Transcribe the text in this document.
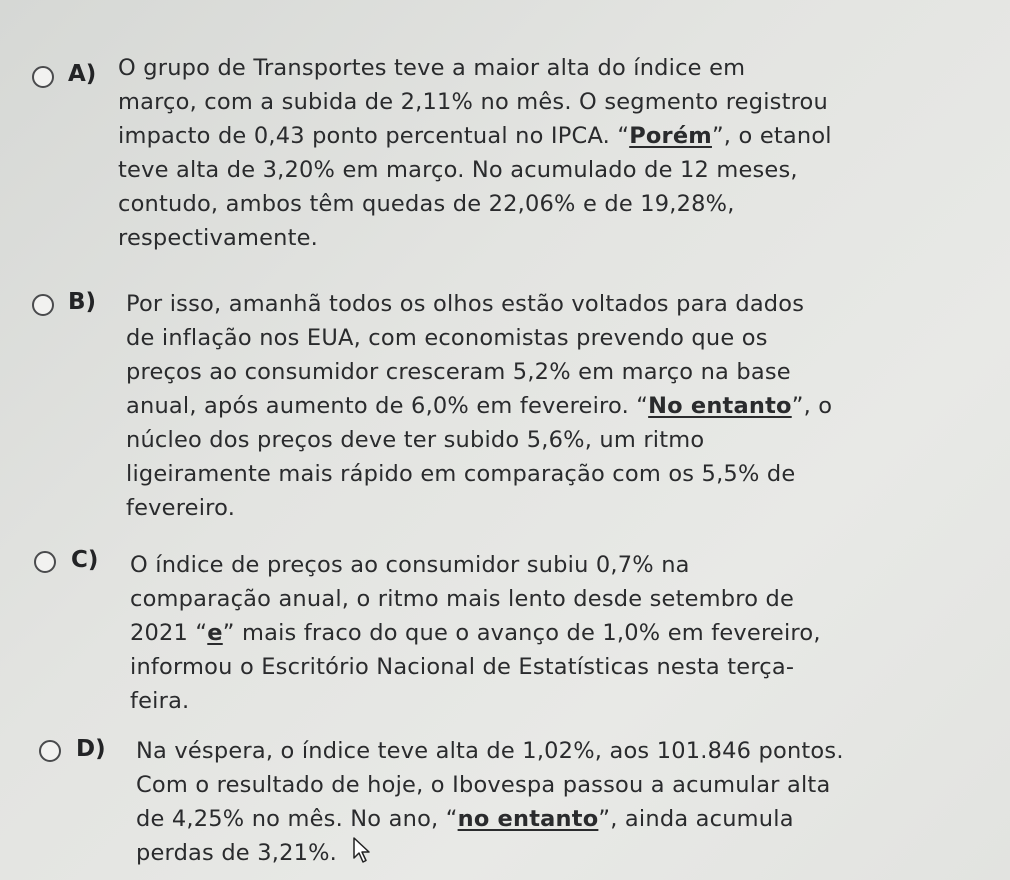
A) O grupo de Transportes teve a maior alta do índice em
março, com a subida de 2,11% no mês. O segmento registrou
impacto de 0,43 ponto percentual no IPCA. “Porém”, o etanol
teve alta de 3,20% em março. No acumulado de 12 meses,
contudo, ambos têm quedas de 22,06% e de 19,28%,
respectivamente.
B) Por isso, amanhã todos os olhos estão voltados para dados
de inflação nos EUA, com economistas prevendo que os
preços ao consumidor cresceram 5,2% em março na base
anual, após aumento de 6,0% em fevereiro. “No entanto”, o
núcleo dos preços deve ter subido 5,6%, um ritmo
ligeiramente mais rápido em comparação com os 5,5% de
fevereiro.
C) O índice de preços ao consumidor subiu 0,7% na
comparação anual, o ritmo mais lento desde setembro de
2021 “e” mais fraco do que o avanço de 1,0% em fevereiro,
informou o Escritório Nacional de Estatísticas nesta terça-
feira.
D) Na véspera, o índice teve alta de 1,02%, aos 101.846 pontos.
Com o resultado de hoje, o Ibovespa passou a acumular alta
de 4,25% no mês. No ano, “no entanto”, ainda acumula
perdas de 3,21%.
